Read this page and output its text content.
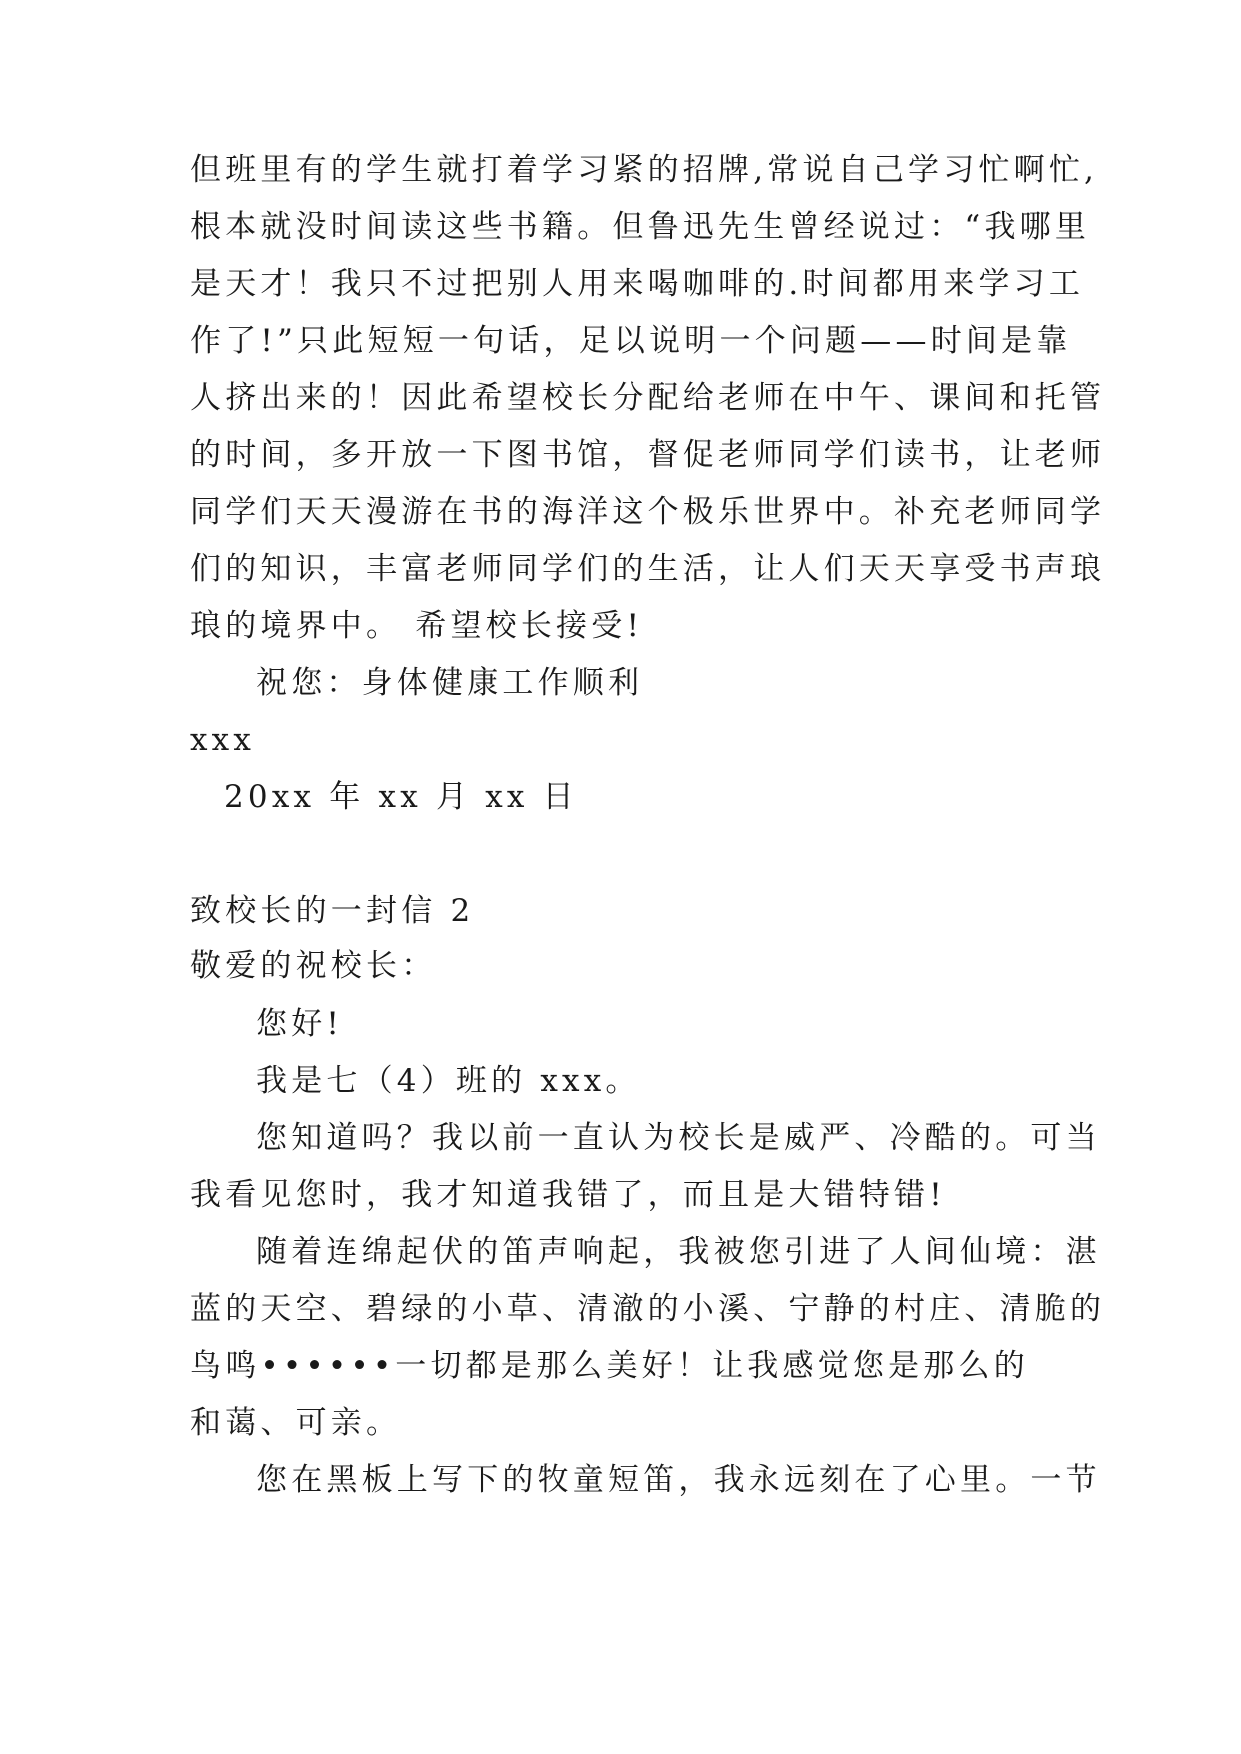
但班里有的学生就打着学习紧的招牌,常说自己学习忙啊忙,
根本就没时间读这些书籍。但鲁迅先生曾经说过：“我哪里
是天才！我只不过把别人用来喝咖啡的.时间都用来学习工
作了!”只此短短一句话，足以说明一个问题——时间是靠
人挤出来的！因此希望校长分配给老师在中午、课间和托管
的时间，多开放一下图书馆，督促老师同学们读书，让老师
同学们天天漫游在书的海洋这个极乐世界中。补充老师同学
们的知识，丰富老师同学们的生活，让人们天天享受书声琅
琅的境界中。 希望校长接受!
祝您：身体健康工作顺利
xxx
20xx 年 xx 月 xx 日
致校长的一封信 2
敬爱的祝校长：
您好!
我是七（4）班的 xxx。
您知道吗？我以前一直认为校长是威严、冷酷的。可当
我看见您时，我才知道我错了，而且是大错特错!
随着连绵起伏的笛声响起，我被您引进了人间仙境：湛
蓝的天空、碧绿的小草、清澈的小溪、宁静的村庄、清脆的
鸟鸣••••••一切都是那么美好！让我感觉您是那么的
和蔼、可亲。
您在黑板上写下的牧童短笛，我永远刻在了心里。一节
